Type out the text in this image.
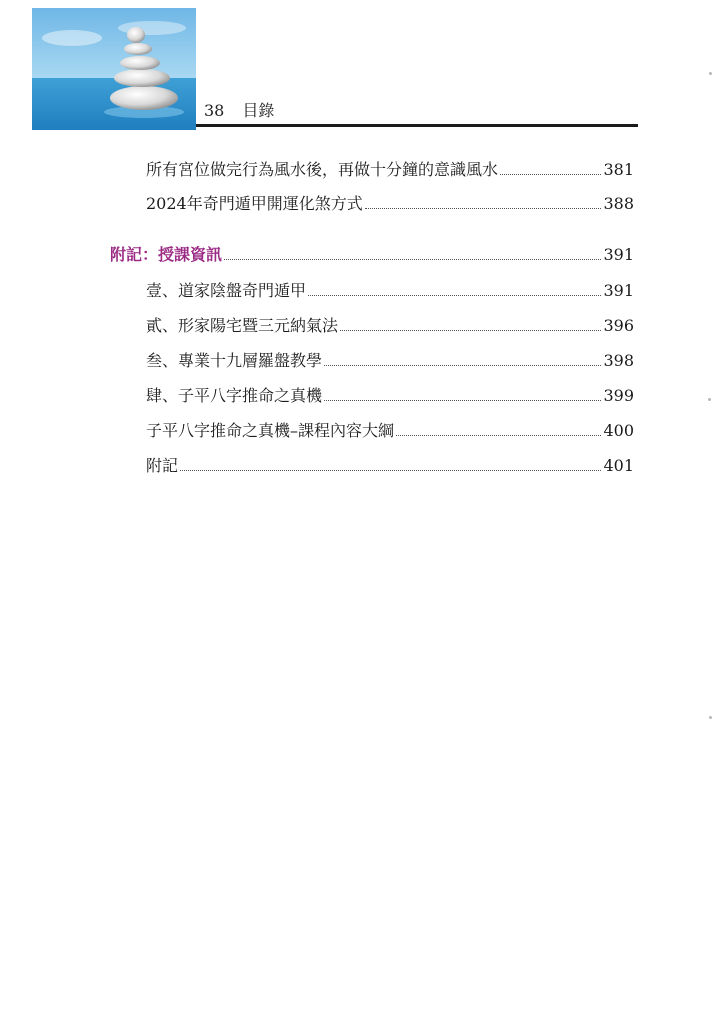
38 目錄
所有宮位做完行為風水後，再做十分鐘的意識風水	381
2024年奇門遁甲開運化煞方式	388
附記：授課資訊	391
壹、道家陰盤奇門遁甲	391
貳、形家陽宅暨三元納氣法	396
叁、專業十九層羅盤教學	398
肆、子平八字推命之真機	399
子平八字推命之真機–課程內容大綱	400
附記	401
